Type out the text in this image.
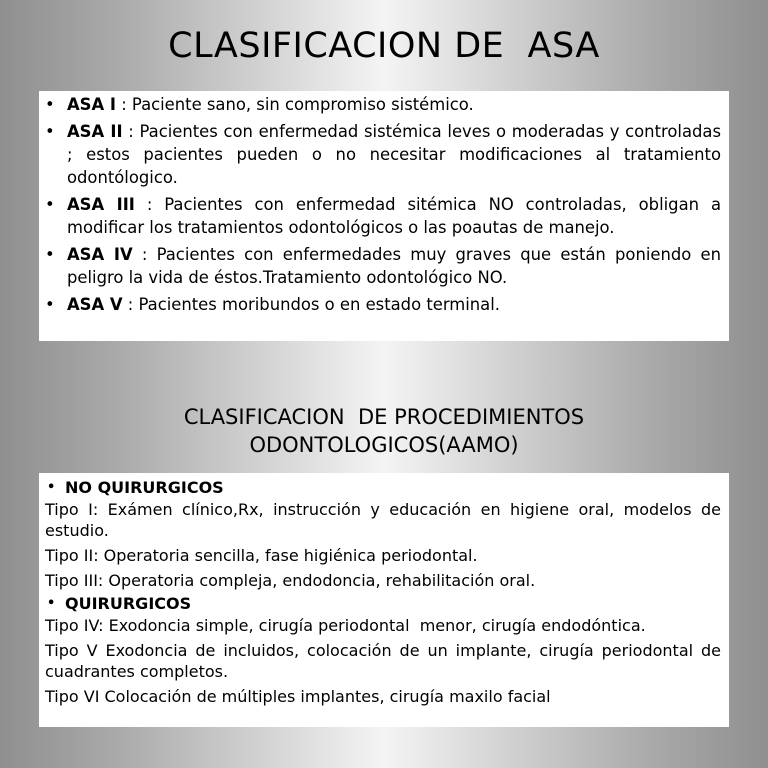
CLASIFICACION DE  ASA
• ASA I : Paciente sano, sin compromiso sistémico.
• ASA II : Pacientes con enfermedad sistémica leves o moderadas y controladas ; estos pacientes pueden o no necesitar modificaciones al tratamiento odontólogico.
• ASA III : Pacientes con enfermedad sitémica NO controladas, obligan a modificar los tratamientos odontológicos o las poautas de manejo.
• ASA IV : Pacientes con enfermedades muy graves que están poniendo en peligro la vida de éstos.Tratamiento odontológico NO.
• ASA V : Pacientes moribundos o en estado terminal.
CLASIFICACION  DE PROCEDIMIENTOS
ODONTOLOGICOS(AAMO)
• NO QUIRURGICOS

Tipo I: Exámen clínico,Rx, instrucción y educación en higiene oral, modelos de estudio.

Tipo II: Operatoria sencilla, fase higiénica periodontal.

Tipo III: Operatoria compleja, endodoncia, rehabilitación oral.

• QUIRURGICOS

Tipo IV: Exodoncia simple, cirugía periodontal  menor, cirugía endodóntica.

Tipo V Exodoncia de incluidos, colocación de un implante, cirugía periodontal de cuadrantes completos.

Tipo VI Colocación de múltiples implantes, cirugía maxilo facial
